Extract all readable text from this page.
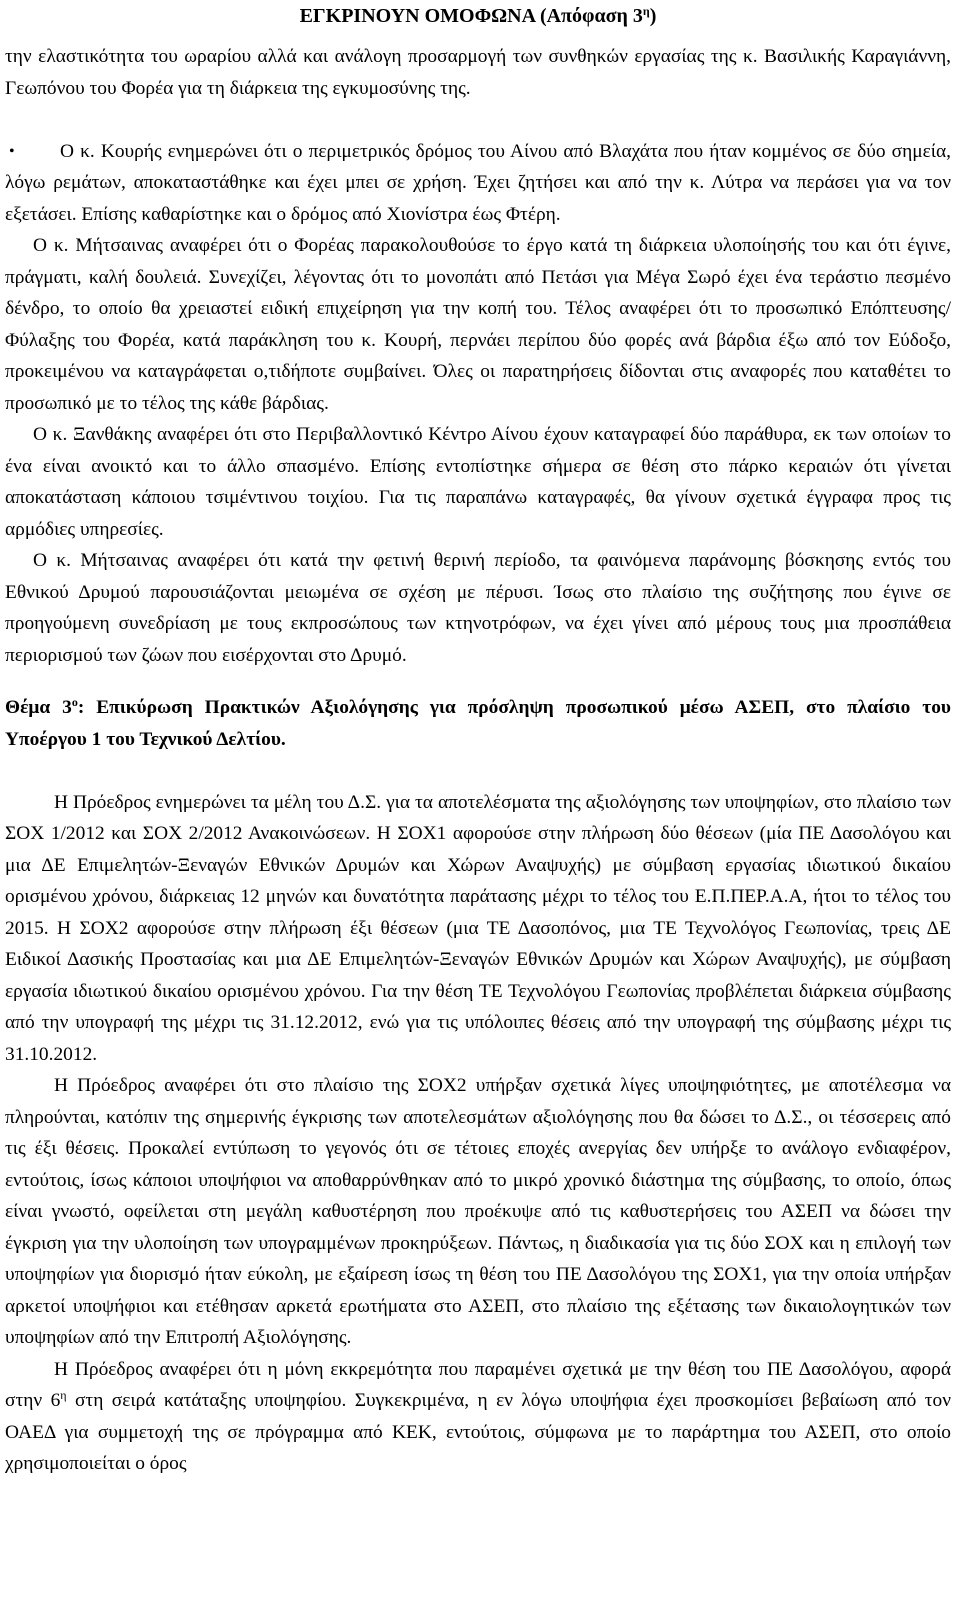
ΕΓΚΡΙΝΟΥΝ ΟΜΟΦΩΝΑ (Απόφαση $3^\eta$)

την ελαστικότητα του ωραρίου αλλά και ανάλογη προσαρμογή των συνθηκών εργασίας της κ. Βασιλικής Καραγιάννη, Γεωπόνου του Φορέα για τη διάρκεια της εγκυμοσύνης της.

•	Ο κ. Κουρής ενημερώνει ότι ο περιμετρικός δρόμος του Αίνου από Βλαχάτα που ήταν κομμένος σε δύο σημεία, λόγω ρεμάτων, αποκαταστάθηκε και έχει μπει σε χρήση. Έχει ζητήσει και από την κ. Λύτρα να περάσει για να τον εξετάσει. Επίσης καθαρίστηκε και ο δρόμος από Χιονίστρα έως Φτέρη.

Ο κ. Μήτσαινας αναφέρει ότι ο Φορέας παρακολουθούσε το έργο κατά τη διάρκεια υλοποίησής του και ότι έγινε, πράγματι, καλή δουλειά. Συνεχίζει, λέγοντας ότι το μονοπάτι από Πετάσι για Μέγα Σωρό έχει ένα τεράστιο πεσμένο δένδρο, το οποίο θα χρειαστεί ειδική επιχείρηση για την κοπή του. Τέλος αναφέρει ότι το προσωπικό Επόπτευσης/Φύλαξης του Φορέα, κατά παράκληση του κ. Κουρή, περνάει περίπου δύο φορές ανά βάρδια έξω από τον Εύδοξο, προκειμένου να καταγράφεται ο,τιδήποτε συμβαίνει. Όλες οι παρατηρήσεις δίδονται στις αναφορές που καταθέτει το προσωπικό με το τέλος της κάθε βάρδιας.

Ο κ. Ξανθάκης αναφέρει ότι στο Περιβαλλοντικό Κέντρο Αίνου έχουν καταγραφεί δύο παράθυρα, εκ των οποίων το ένα είναι ανοικτό και το άλλο σπασμένο. Επίσης εντοπίστηκε σήμερα σε θέση στο πάρκο κεραιών ότι γίνεται αποκατάσταση κάποιου τσιμέντινου τοιχίου. Για τις παραπάνω καταγραφές, θα γίνουν σχετικά έγγραφα προς τις αρμόδιες υπηρεσίες.

Ο κ. Μήτσαινας αναφέρει ότι κατά την φετινή θερινή περίοδο, τα φαινόμενα παράνομης βόσκησης εντός του Εθνικού Δρυμού παρουσιάζονται μειωμένα σε σχέση με πέρυσι. Ίσως στο πλαίσιο της συζήτησης που έγινε σε προηγούμενη συνεδρίαση με τους εκπροσώπους των κτηνοτρόφων, να έχει γίνει από μέρους τους μια προσπάθεια περιορισμού των ζώων που εισέρχονται στο Δρυμό.

Θέμα $3^o$: Επικύρωση Πρακτικών Αξιολόγησης για πρόσληψη προσωπικού μέσω ΑΣΕΠ, στο πλαίσιο του Υποέργου 1 του Τεχνικού Δελτίου.

Η Πρόεδρος ενημερώνει τα μέλη του Δ.Σ. για τα αποτελέσματα της αξιολόγησης των υποψηφίων, στο πλαίσιο των ΣΟΧ 1/2012 και ΣΟΧ 2/2012 Ανακοινώσεων. Η ΣΟΧ1 αφορούσε στην πλήρωση δύο θέσεων (μία ΠΕ Δασολόγου και μια ΔΕ Επιμελητών-Ξεναγών Εθνικών Δρυμών και Χώρων Αναψυχής) με σύμβαση εργασίας ιδιωτικού δικαίου ορισμένου χρόνου, διάρκειας 12 μηνών και δυνατότητα παράτασης μέχρι το τέλος του Ε.Π.ΠΕΡ.Α.Α, ήτοι το τέλος του 2015. Η ΣΟΧ2 αφορούσε στην πλήρωση έξι θέσεων (μια ΤΕ Δασοπόνος, μια ΤΕ Τεχνολόγος Γεωπονίας, τρεις ΔΕ Ειδικοί Δασικής Προστασίας και μια ΔΕ Επιμελητών-Ξεναγών Εθνικών Δρυμών και Χώρων Αναψυχής), με σύμβαση εργασία ιδιωτικού δικαίου ορισμένου χρόνου. Για την θέση ΤΕ Τεχνολόγου Γεωπονίας προβλέπεται διάρκεια σύμβασης από την υπογραφή της μέχρι τις 31.12.2012, ενώ για τις υπόλοιπες θέσεις από την υπογραφή της σύμβασης μέχρι τις 31.10.2012.

Η Πρόεδρος αναφέρει ότι στο πλαίσιο της ΣΟΧ2 υπήρξαν σχετικά λίγες υποψηφιότητες, με αποτέλεσμα να πληρούνται, κατόπιν της σημερινής έγκρισης των αποτελεσμάτων αξιολόγησης που θα δώσει το Δ.Σ., οι τέσσερεις από τις έξι θέσεις. Προκαλεί εντύπωση το γεγονός ότι σε τέτοιες εποχές ανεργίας δεν υπήρξε το ανάλογο ενδιαφέρον, εντούτοις, ίσως κάποιοι υποψήφιοι να αποθαρρύνθηκαν από το μικρό χρονικό διάστημα της σύμβασης, το οποίο, όπως είναι γνωστό, οφείλεται στη μεγάλη καθυστέρηση που προέκυψε από τις καθυστερήσεις του ΑΣΕΠ να δώσει την έγκριση για την υλοποίηση των υπογραμμένων προκηρύξεων. Πάντως, η διαδικασία για τις δύο ΣΟΧ και η επιλογή των υποψηφίων για διορισμό ήταν εύκολη, με εξαίρεση ίσως τη θέση του ΠΕ Δασολόγου της ΣΟΧ1, για την οποία υπήρξαν αρκετοί υποψήφιοι και ετέθησαν αρκετά ερωτήματα στο ΑΣΕΠ, στο πλαίσιο της εξέτασης των δικαιολογητικών των υποψηφίων από την Επιτροπή Αξιολόγησης.

Η Πρόεδρος αναφέρει ότι η μόνη εκκρεμότητα που παραμένει σχετικά με την θέση του ΠΕ Δασολόγου, αφορά στην $6^\eta$ στη σειρά κατάταξης υποψηφίου. Συγκεκριμένα, η εν λόγω υποψήφια έχει προσκομίσει βεβαίωση από τον ΟΑΕΔ για συμμετοχή της σε πρόγραμμα από ΚΕΚ, εντούτοις, σύμφωνα με το παράρτημα του ΑΣΕΠ, στο οποίο χρησιμοποιείται ο όρος
